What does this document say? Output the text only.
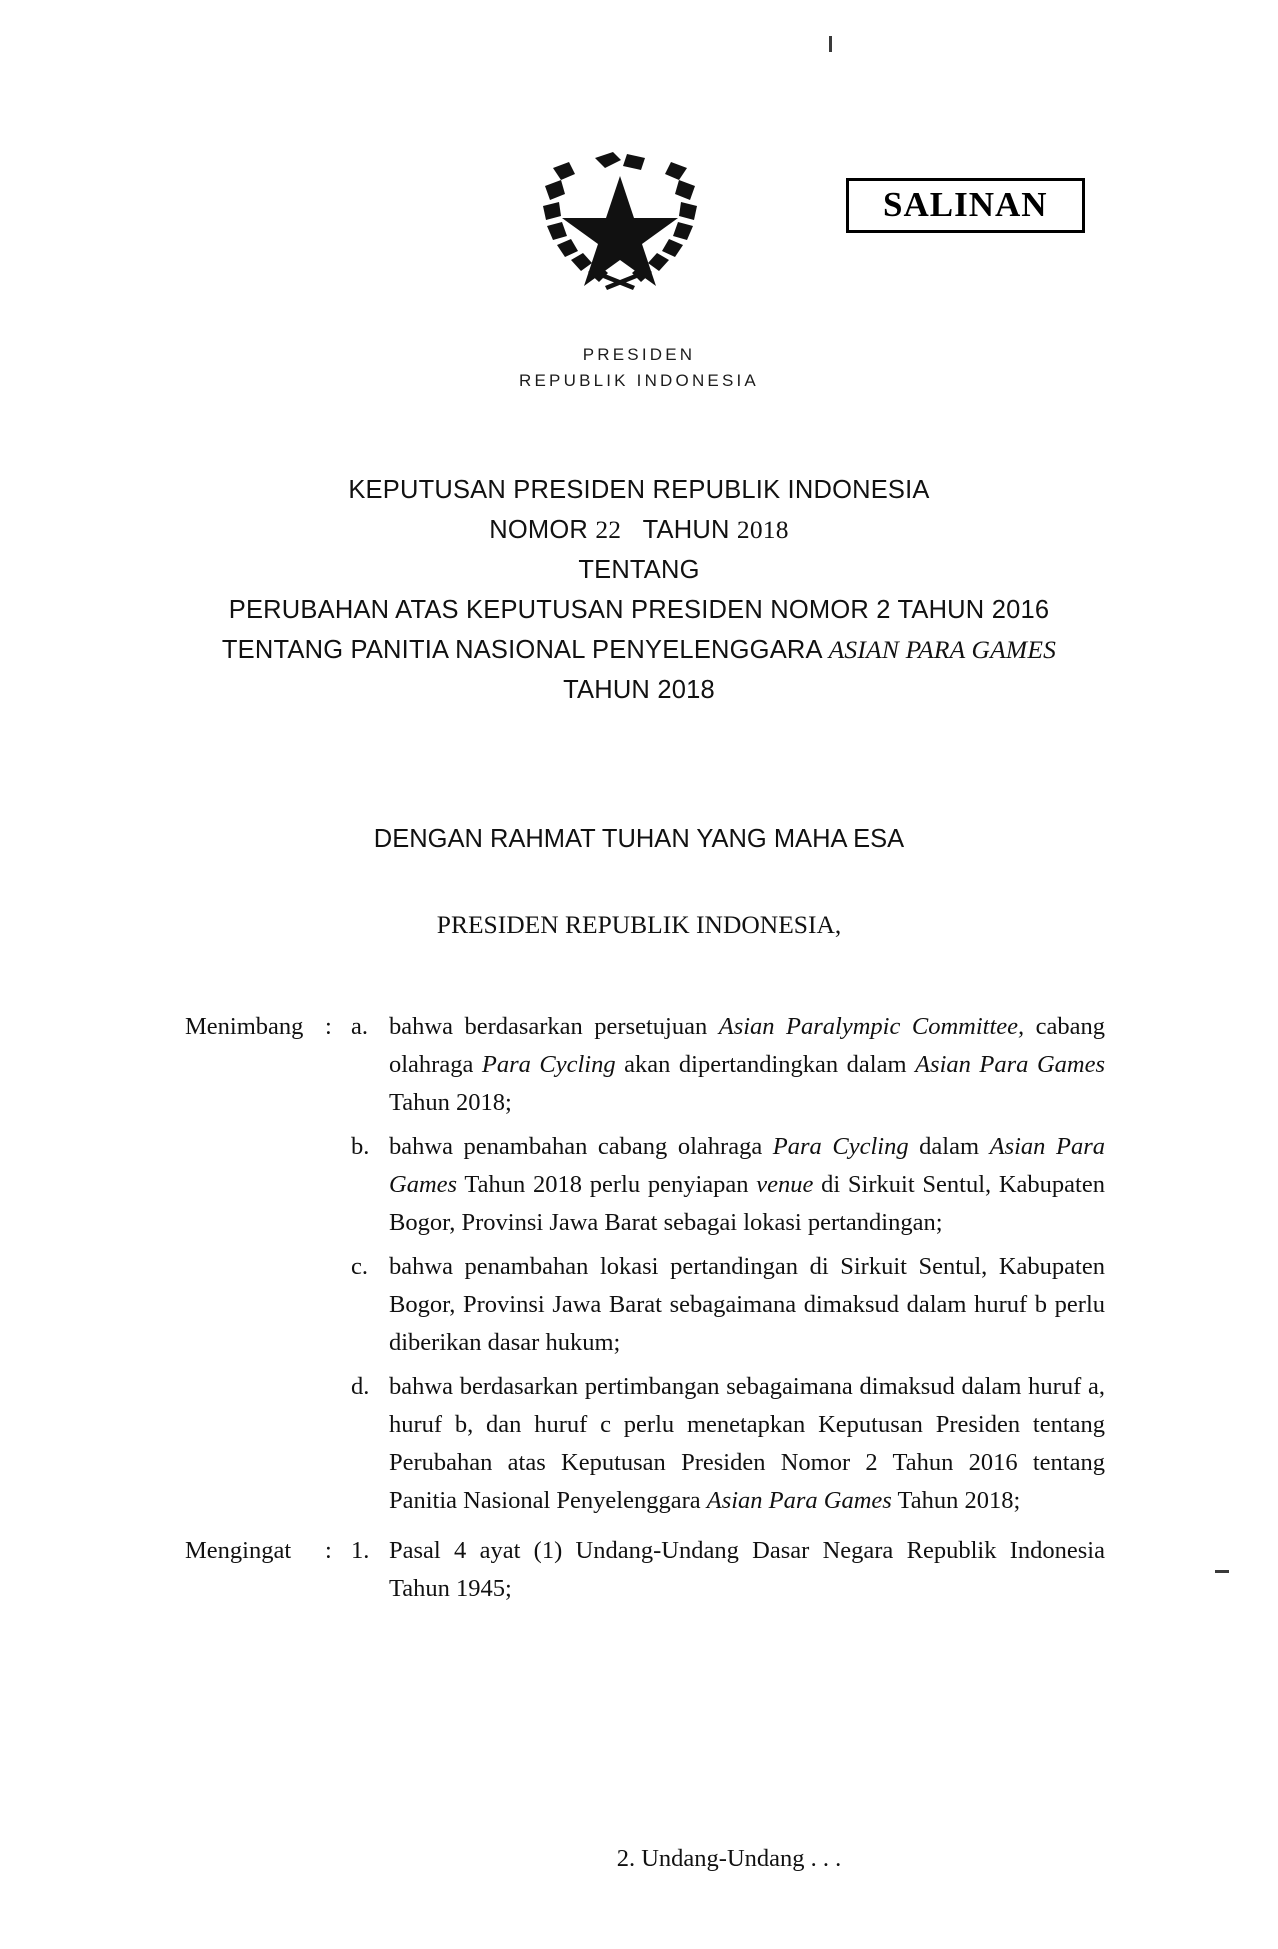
SALINAN
PRESIDEN
REPUBLIK INDONESIA
KEPUTUSAN PRESIDEN REPUBLIK INDONESIA
NOMOR 22 TAHUN 2018
TENTANG
PERUBAHAN ATAS KEPUTUSAN PRESIDEN NOMOR 2 TAHUN 2016
TENTANG PANITIA NASIONAL PENYELENGGARA ASIAN PARA GAMES
TAHUN 2018
DENGAN RAHMAT TUHAN YANG MAHA ESA
PRESIDEN REPUBLIK INDONESIA,
Menimbang : a. bahwa berdasarkan persetujuan Asian Paralympic Committee, cabang olahraga Para Cycling akan dipertandingkan dalam Asian Para Games Tahun 2018;
b. bahwa penambahan cabang olahraga Para Cycling dalam Asian Para Games Tahun 2018 perlu penyiapan venue di Sirkuit Sentul, Kabupaten Bogor, Provinsi Jawa Barat sebagai lokasi pertandingan;
c. bahwa penambahan lokasi pertandingan di Sirkuit Sentul, Kabupaten Bogor, Provinsi Jawa Barat sebagaimana dimaksud dalam huruf b perlu diberikan dasar hukum;
d. bahwa berdasarkan pertimbangan sebagaimana dimaksud dalam huruf a, huruf b, dan huruf c perlu menetapkan Keputusan Presiden tentang Perubahan atas Keputusan Presiden Nomor 2 Tahun 2016 tentang Panitia Nasional Penyelenggara Asian Para Games Tahun 2018;
Mengingat	: 1. Pasal 4 ayat (1) Undang-Undang Dasar Negara Republik Indonesia Tahun 1945;
2. Undang-Undang . . .
